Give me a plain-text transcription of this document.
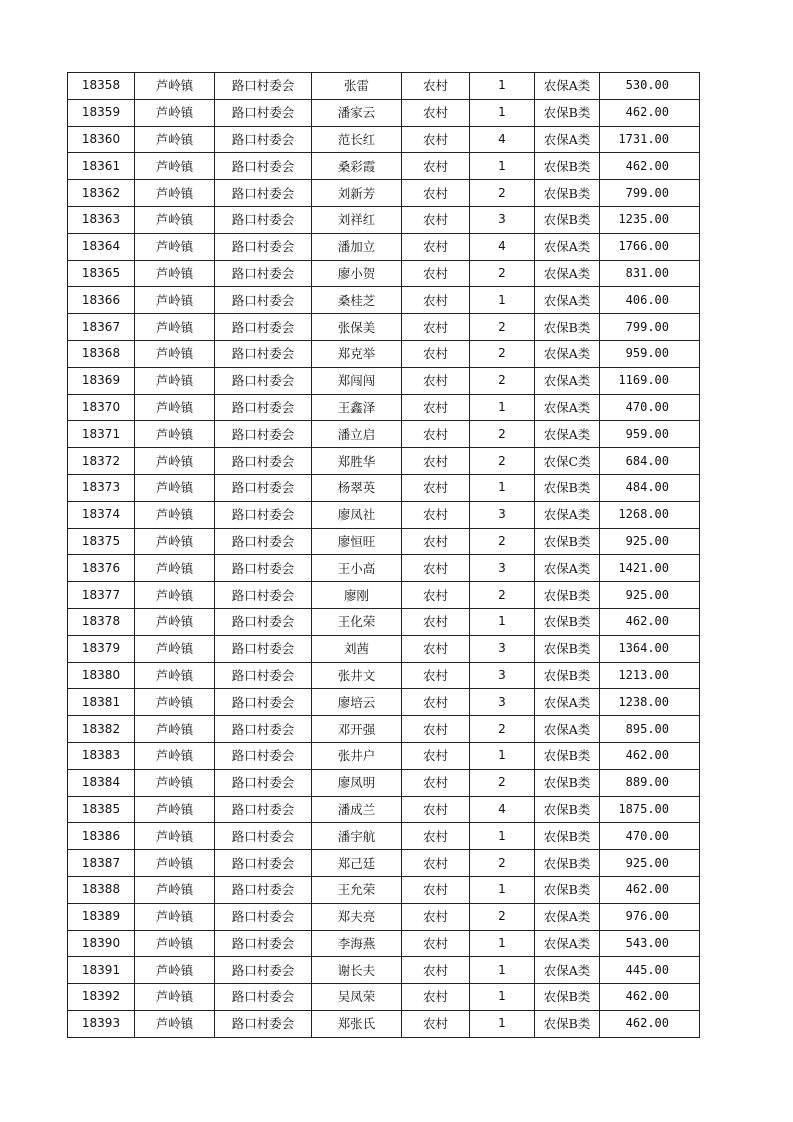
18358	芦岭镇	路口村委会	张雷	农村	1	农保A类	530.00
18359	芦岭镇	路口村委会	潘家云	农村	1	农保B类	462.00
18360	芦岭镇	路口村委会	范长红	农村	4	农保A类	1731.00
18361	芦岭镇	路口村委会	桑彩霞	农村	1	农保B类	462.00
18362	芦岭镇	路口村委会	刘新芳	农村	2	农保B类	799.00
18363	芦岭镇	路口村委会	刘祥红	农村	3	农保B类	1235.00
18364	芦岭镇	路口村委会	潘加立	农村	4	农保A类	1766.00
18365	芦岭镇	路口村委会	廖小贺	农村	2	农保A类	831.00
18366	芦岭镇	路口村委会	桑桂芝	农村	1	农保A类	406.00
18367	芦岭镇	路口村委会	张保美	农村	2	农保B类	799.00
18368	芦岭镇	路口村委会	郑克举	农村	2	农保A类	959.00
18369	芦岭镇	路口村委会	郑闯闯	农村	2	农保A类	1169.00
18370	芦岭镇	路口村委会	王鑫泽	农村	1	农保A类	470.00
18371	芦岭镇	路口村委会	潘立启	农村	2	农保A类	959.00
18372	芦岭镇	路口村委会	郑胜华	农村	2	农保C类	684.00
18373	芦岭镇	路口村委会	杨翠英	农村	1	农保B类	484.00
18374	芦岭镇	路口村委会	廖凤社	农村	3	农保A类	1268.00
18375	芦岭镇	路口村委会	廖恒旺	农村	2	农保B类	925.00
18376	芦岭镇	路口村委会	王小高	农村	3	农保A类	1421.00
18377	芦岭镇	路口村委会	廖刚	农村	2	农保B类	925.00
18378	芦岭镇	路口村委会	王化荣	农村	1	农保B类	462.00
18379	芦岭镇	路口村委会	刘茜	农村	3	农保B类	1364.00
18380	芦岭镇	路口村委会	张井文	农村	3	农保B类	1213.00
18381	芦岭镇	路口村委会	廖培云	农村	3	农保A类	1238.00
18382	芦岭镇	路口村委会	邓开强	农村	2	农保A类	895.00
18383	芦岭镇	路口村委会	张井户	农村	1	农保B类	462.00
18384	芦岭镇	路口村委会	廖凤明	农村	2	农保B类	889.00
18385	芦岭镇	路口村委会	潘成兰	农村	4	农保B类	1875.00
18386	芦岭镇	路口村委会	潘宇航	农村	1	农保B类	470.00
18387	芦岭镇	路口村委会	郑己廷	农村	2	农保B类	925.00
18388	芦岭镇	路口村委会	王允荣	农村	1	农保B类	462.00
18389	芦岭镇	路口村委会	郑夫亮	农村	2	农保A类	976.00
18390	芦岭镇	路口村委会	李海燕	农村	1	农保A类	543.00
18391	芦岭镇	路口村委会	谢长夫	农村	1	农保A类	445.00
18392	芦岭镇	路口村委会	吴凤荣	农村	1	农保B类	462.00
18393	芦岭镇	路口村委会	郑张氏	农村	1	农保B类	462.00
